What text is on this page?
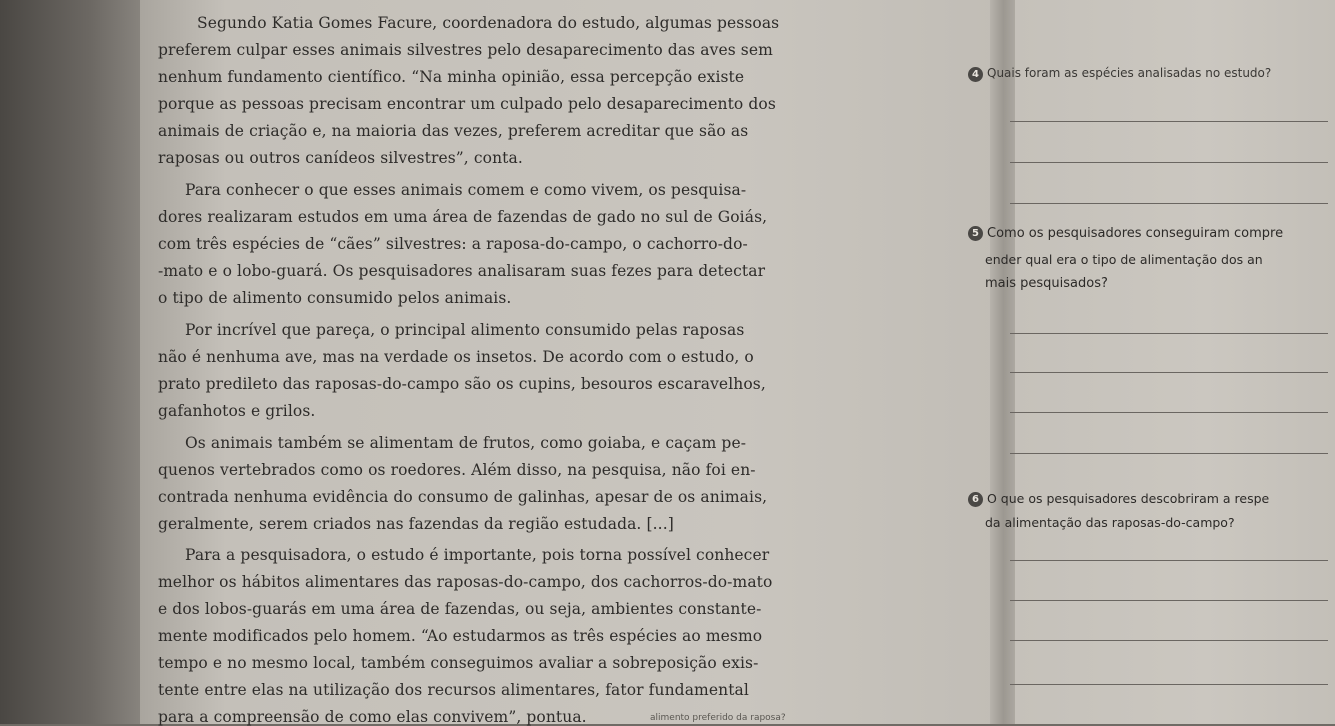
Segundo Katia Gomes Facure, coordenadora do estudo, algumas pessoas
preferem culpar esses animais silvestres pelo desaparecimento das aves sem
nenhum fundamento científico. “Na minha opinião, essa percepção existe
porque as pessoas precisam encontrar um culpado pelo desaparecimento dos
animais de criação e, na maioria das vezes, preferem acreditar que são as
raposas ou outros canídeos silvestres”, conta.
Para conhecer o que esses animais comem e como vivem, os pesquisa-
dores realizaram estudos em uma área de fazendas de gado no sul de Goiás,
com três espécies de “cães” silvestres: a raposa-do-campo, o cachorro-do-
-mato e o lobo-guará. Os pesquisadores analisaram suas fezes para detectar
o tipo de alimento consumido pelos animais.
Por incrível que pareça, o principal alimento consumido pelas raposas
não é nenhuma ave, mas na verdade os insetos. De acordo com o estudo, o
prato predileto das raposas-do-campo são os cupins, besouros escaravelhos,
gafanhotos e grilos.
Os animais também se alimentam de frutos, como goiaba, e caçam pe-
quenos vertebrados como os roedores. Além disso, na pesquisa, não foi en-
contrada nenhuma evidência do consumo de galinhas, apesar de os animais,
geralmente, serem criados nas fazendas da região estudada. [...]
Para a pesquisadora, o estudo é importante, pois torna possível conhecer
melhor os hábitos alimentares das raposas-do-campo, dos cachorros-do-mato
e dos lobos-guarás em uma área de fazendas, ou seja, ambientes constante-
mente modificados pelo homem. “Ao estudarmos as três espécies ao mesmo
tempo e no mesmo local, também conseguimos avaliar a sobreposição exis-
tente entre elas na utilização dos recursos alimentares, fator fundamental
para a compreensão de como elas convivem”, pontua.
4 Quais foram as espécies analisadas no estudo?
5 Como os pesquisadores conseguiram compre
ender qual era o tipo de alimentação dos an
mais pesquisados?
6 O que os pesquisadores descobriram a respe
da alimentação das raposas-do-campo?
alimento preferido da raposa?
